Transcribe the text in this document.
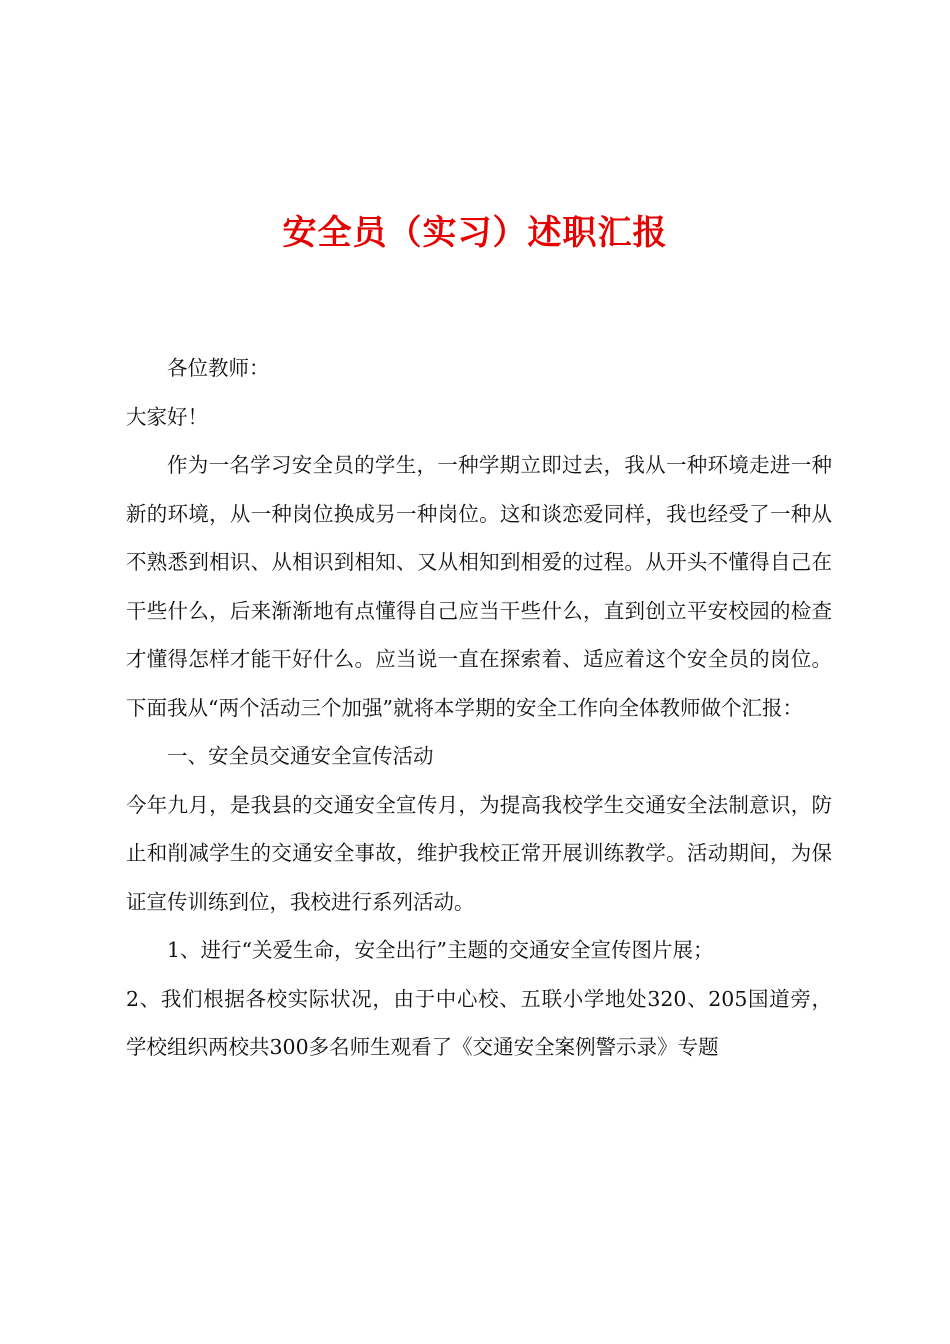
安全员（实习）述职汇报

各位教师：

大家好！

作为一名学习安全员的学生，一种学期立即过去，我从一种环境走进一种新的环境，从一种岗位换成另一种岗位。这和谈恋爱同样，我也经受了一种从不熟悉到相识、从相识到相知、又从相知到相爱的过程。从开头不懂得自己在干些什么，后来渐渐地有点懂得自己应当干些什么，直到创立平安校园的检查才懂得怎样才能干好什么。应当说一直在探索着、适应着这个安全员的岗位。下面我从“两个活动三个加强”就将本学期的安全工作向全体教师做个汇报：

一、安全员交通安全宣传活动

今年九月，是我县的交通安全宣传月，为提高我校学生交通安全法制意识，防止和削减学生的交通安全事故，维护我校正常开展训练教学。活动期间，为保证宣传训练到位，我校进行系列活动。

1、进行“关爱生命，安全出行”主题的交通安全宣传图片展；

2、我们根据各校实际状况，由于中心校、五联小学地处320、205国道旁，学校组织两校共300多名师生观看了《交通安全案例警示录》专题
